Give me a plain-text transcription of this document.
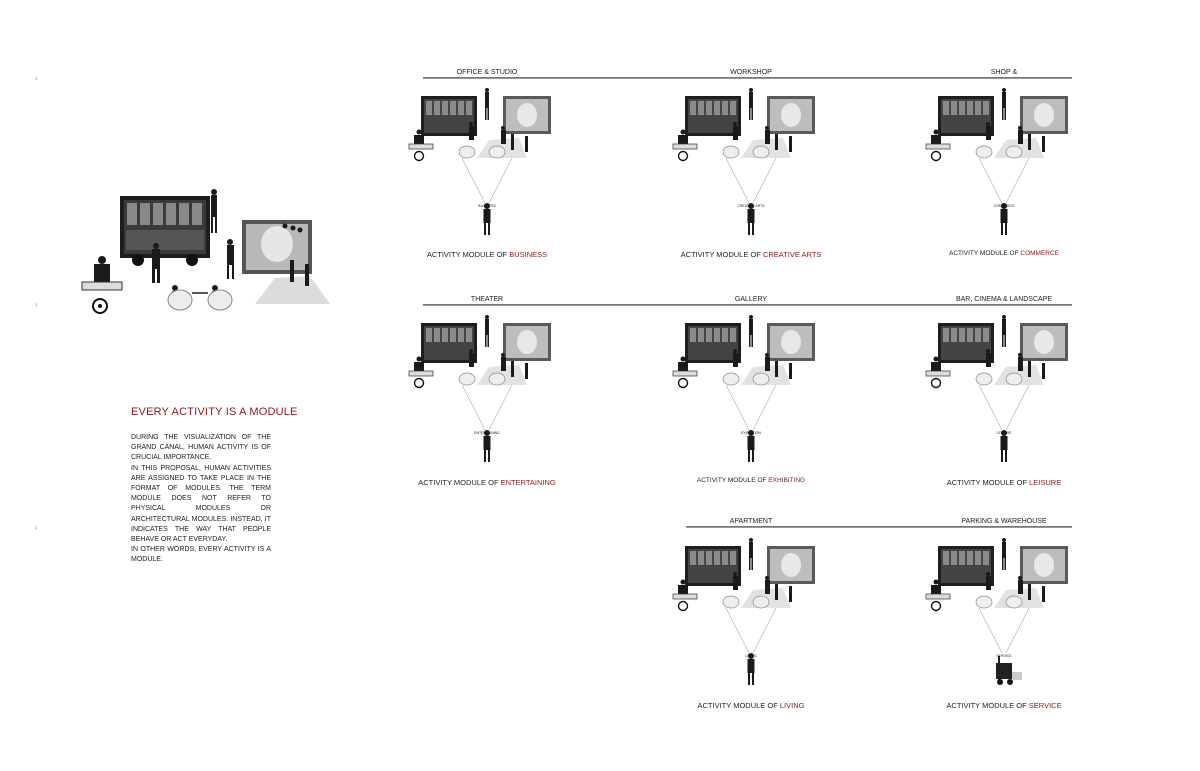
1
1
1
EVERY ACTIVITY IS A MODULE

DURING THE VISUALIZATION OF THE GRAND CANAL, HUMAN ACTIVITY IS OF CRUCIAL IMPORTANCE.

IN THIS PROPOSAL, HUMAN ACTIVITIES ARE ASSIGNED TO TAKE PLACE IN THE FORMAT OF MODULES. THE TERM MODULE DOES NOT REFER TO PHYSICAL MODULES OR ARCHITECTURAL MODULES. INSTEAD, IT INDICATES THE WAY THAT PEOPLE BEHAVE OR ACT EVERYDAY.

IN OTHER WORDS, EVERY ACTIVITY IS A MODULE.

OFFICE & STUDIO	WORKSHOP	SHOP &
THEATER	GALLERY	BAR, CINEMA & LANDSCAPE
APARTMENT	PARKING & WAREHOUSE
BUSINESS	CREATIVE ARTS	COMMERCE
ENTERTAINING	EXHIBITION	LEISURE
LIVING	SERVICE
ACTIVITY MODULE OF BUSINESS	ACTIVITY MODULE OF CREATIVE ARTS	ACTIVITY MODULE OF COMMERCE
ACTIVITY MODULE OF ENTERTAINING	ACTIVITY MODULE OF EXHIBITING	ACTIVITY MODULE OF LEISURE
ACTIVITY MODULE OF LIVING	ACTIVITY MODULE OF SERVICE
